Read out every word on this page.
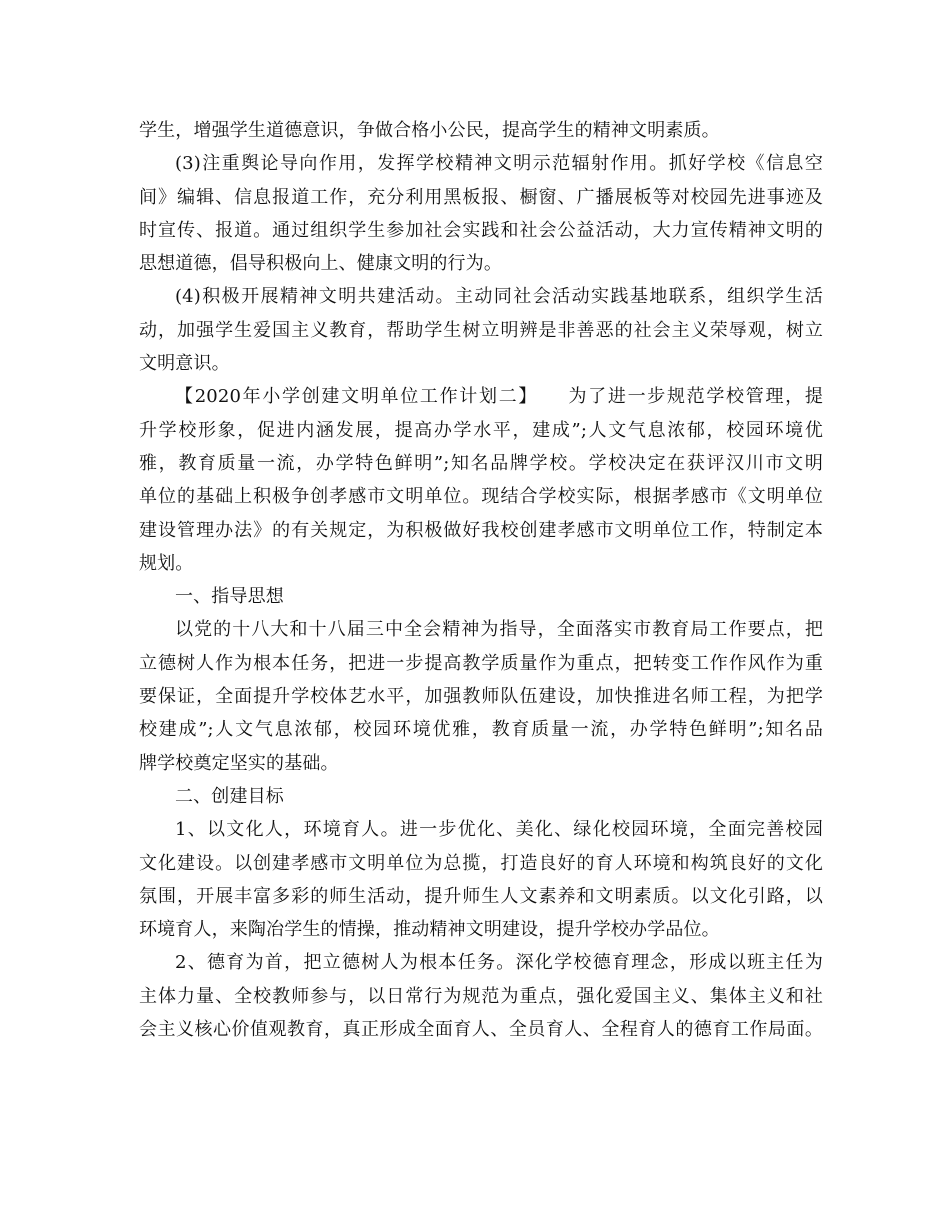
学生，增强学生道德意识，争做合格小公民，提高学生的精神文明素质。
(3)注重舆论导向作用，发挥学校精神文明示范辐射作用。抓好学校《信息空
间》编辑、信息报道工作，充分利用黑板报、橱窗、广播展板等对校园先进事迹及
时宣传、报道。通过组织学生参加社会实践和社会公益活动，大力宣传精神文明的
思想道德，倡导积极向上、健康文明的行为。
(4)积极开展精神文明共建活动。主动同社会活动实践基地联系，组织学生活
动，加强学生爱国主义教育，帮助学生树立明辨是非善恶的社会主义荣辱观，树立
文明意识。
【2020年小学创建文明单位工作计划二】　　为了进一步规范学校管理，提
升学校形象，促进内涵发展，提高办学水平，建成”;人文气息浓郁，校园环境优
雅，教育质量一流，办学特色鲜明”;知名品牌学校。学校决定在获评汉川市文明
单位的基础上积极争创孝感市文明单位。现结合学校实际，根据孝感市《文明单位
建设管理办法》的有关规定，为积极做好我校创建孝感市文明单位工作，特制定本
规划。
一、指导思想
以党的十八大和十八届三中全会精神为指导，全面落实市教育局工作要点，把
立德树人作为根本任务，把进一步提高教学质量作为重点，把转变工作作风作为重
要保证，全面提升学校体艺水平，加强教师队伍建设，加快推进名师工程，为把学
校建成”;人文气息浓郁，校园环境优雅，教育质量一流，办学特色鲜明”;知名品
牌学校奠定坚实的基础。
二、创建目标
1、以文化人，环境育人。进一步优化、美化、绿化校园环境，全面完善校园
文化建设。以创建孝感市文明单位为总揽，打造良好的育人环境和构筑良好的文化
氛围，开展丰富多彩的师生活动，提升师生人文素养和文明素质。以文化引路，以
环境育人，来陶冶学生的情操，推动精神文明建设，提升学校办学品位。
2、德育为首，把立德树人为根本任务。深化学校德育理念，形成以班主任为
主体力量、全校教师参与，以日常行为规范为重点，强化爱国主义、集体主义和社
会主义核心价值观教育，真正形成全面育人、全员育人、全程育人的德育工作局面。
